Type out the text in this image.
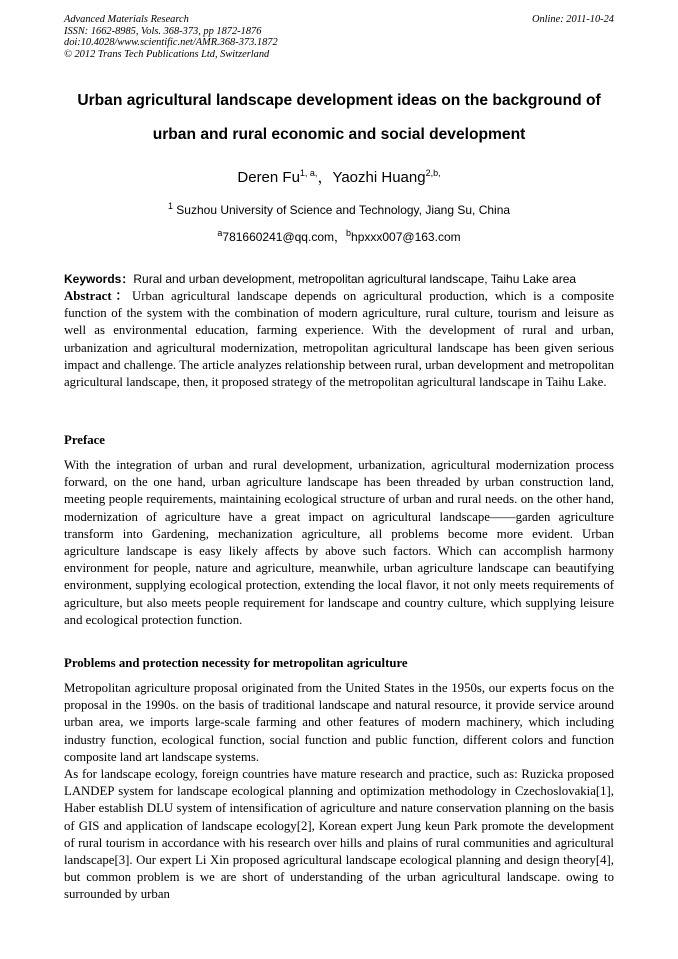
Advanced Materials Research
ISSN: 1662-8985, Vols. 368-373, pp 1872-1876
doi:10.4028/www.scientific.net/AMR.368-373.1872
© 2012 Trans Tech Publications Ltd, Switzerland
Online: 2011-10-24
Urban agricultural landscape development ideas on the background of
urban and rural economic and social development
Deren $Fu^{1, a,}$，Yaozhi Huang$^{2,b,}$
$^1$ Suzhou University of Science and Technology, Jiang Su, China
$^a$781660241@qq.com，$^b$hpxxx007@163.com
Keywords：Rural and urban development, metropolitan agricultural landscape, Taihu Lake area
Abstract：Urban agricultural landscape depends on agricultural production, which is a composite function of the system with the combination of modern agriculture, rural culture, tourism and leisure as well as environmental education, farming experience. With the development of rural and urban, urbanization and agricultural modernization, metropolitan agricultural landscape has been given serious impact and challenge. The article analyzes relationship between rural, urban development and metropolitan agricultural landscape, then, it proposed strategy of the metropolitan agricultural landscape in Taihu Lake.
Preface
With the integration of urban and rural development, urbanization, agricultural modernization process forward, on the one hand, urban agriculture landscape has been threaded by urban construction land, meeting people requirements, maintaining ecological structure of urban and rural needs. on the other hand, modernization of agriculture have a great impact on agricultural landscape——garden agriculture transform into Gardening, mechanization agriculture, all problems become more evident. Urban agriculture landscape is easy likely affects by above such factors. Which can accomplish harmony environment for people, nature and agriculture, meanwhile, urban agriculture landscape can beautifying environment, supplying ecological protection, extending the local flavor, it not only meets requirements of agriculture, but also meets people requirement for landscape and country culture, which supplying leisure and ecological protection function.
Problems and protection necessity for metropolitan agriculture
Metropolitan agriculture proposal originated from the United States in the 1950s, our experts focus on the proposal in the 1990s. on the basis of traditional landscape and natural resource, it provide service around urban area, we imports large-scale farming and other features of modern machinery, which including industry function, ecological function, social function and public function, different colors and function composite land art landscape systems.
As for landscape ecology, foreign countries have mature research and practice, such as: Ruzicka proposed LANDEP system for landscape ecological planning and optimization methodology in Czechoslovakia[1], Haber establish DLU system of intensification of agriculture and nature conservation planning on the basis of GIS and application of landscape ecology[2], Korean expert Jung keun Park promote the development of rural tourism in accordance with his research over hills and plains of rural communities and agricultural landscape[3]. Our expert Li Xin proposed agricultural landscape ecological planning and design theory[4], but common problem is we are short of understanding of the urban agricultural landscape. owing to surrounded by urban
